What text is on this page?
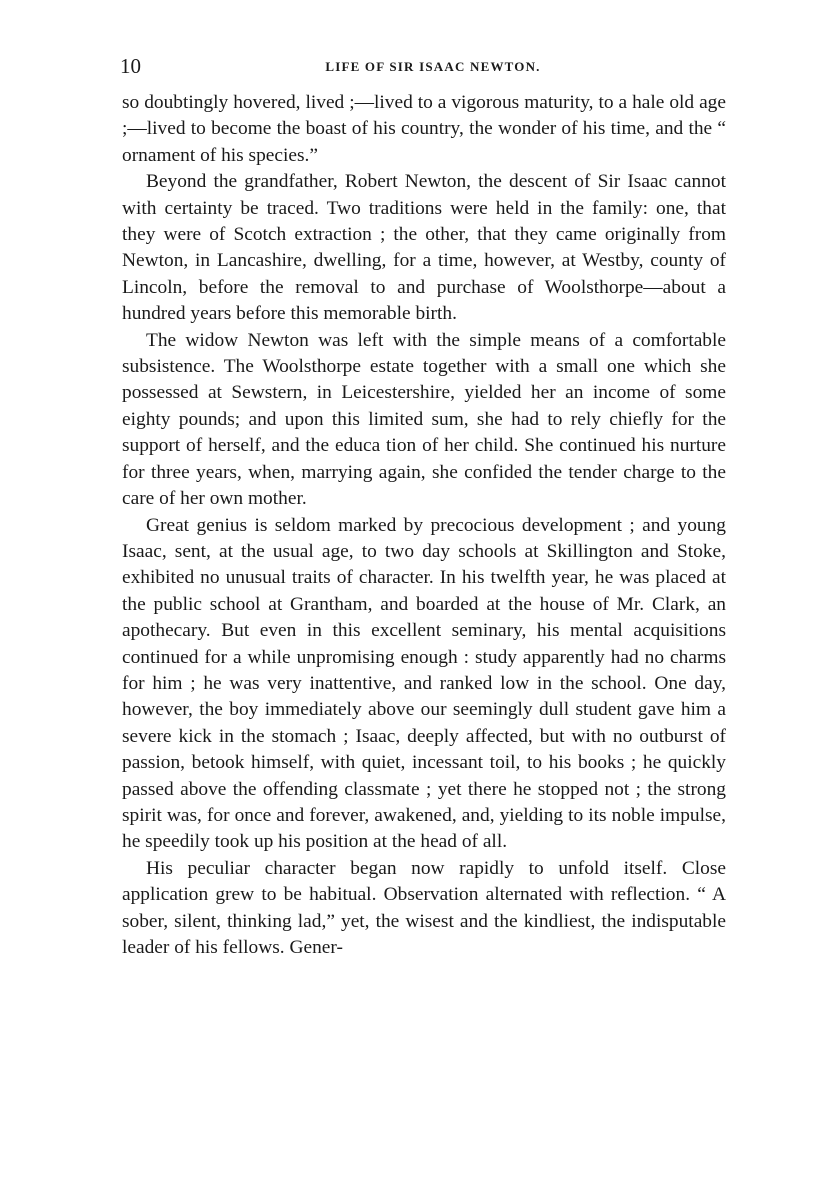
10	LIFE OF SIR ISAAC NEWTON.

so doubtingly hovered, lived ;—lived to a vigorous maturity, to a hale old age ;—lived to become the boast of his country, the wonder of his time, and the “ ornament of his species.”

Beyond the grandfather, Robert Newton, the descent of Sir Isaac cannot with certainty be traced. Two traditions were held in the family: one, that they were of Scotch extraction ; the other, that they came originally from Newton, in Lancashire, dwelling, for a time, however, at Westby, county of Lincoln, before the removal to and purchase of Woolsthorpe—about a hundred years before this memorable birth.

The widow Newton was left with the simple means of a comfortable subsistence. The Woolsthorpe estate together with a small one which she possessed at Sewstern, in Leicestershire, yielded her an income of some eighty pounds; and upon this limited sum, she had to rely chiefly for the support of herself, and the educa tion of her child. She continued his nurture for three years, when, marrying again, she confided the tender charge to the care of her own mother.

Great genius is seldom marked by precocious development ; and young Isaac, sent, at the usual age, to two day schools at Skillington and Stoke, exhibited no unusual traits of character. In his twelfth year, he was placed at the public school at Grantham, and boarded at the house of Mr. Clark, an apothecary. But even in this excellent seminary, his mental acquisitions continued for a while unpromising enough : study apparently had no charms for him ; he was very inattentive, and ranked low in the school. One day, however, the boy immediately above our seemingly dull student gave him a severe kick in the stomach ; Isaac, deeply affected, but with no outburst of passion, betook himself, with quiet, incessant toil, to his books ; he quickly passed above the offending classmate ; yet there he stopped not ; the strong spirit was, for once and forever, awakened, and, yielding to its noble impulse, he speedily took up his position at the head of all.

His peculiar character began now rapidly to unfold itself. Close application grew to be habitual. Observation alternated with reflection. “ A sober, silent, thinking lad,” yet, the wisest and the kindliest, the indisputable leader of his fellows. Gener-
